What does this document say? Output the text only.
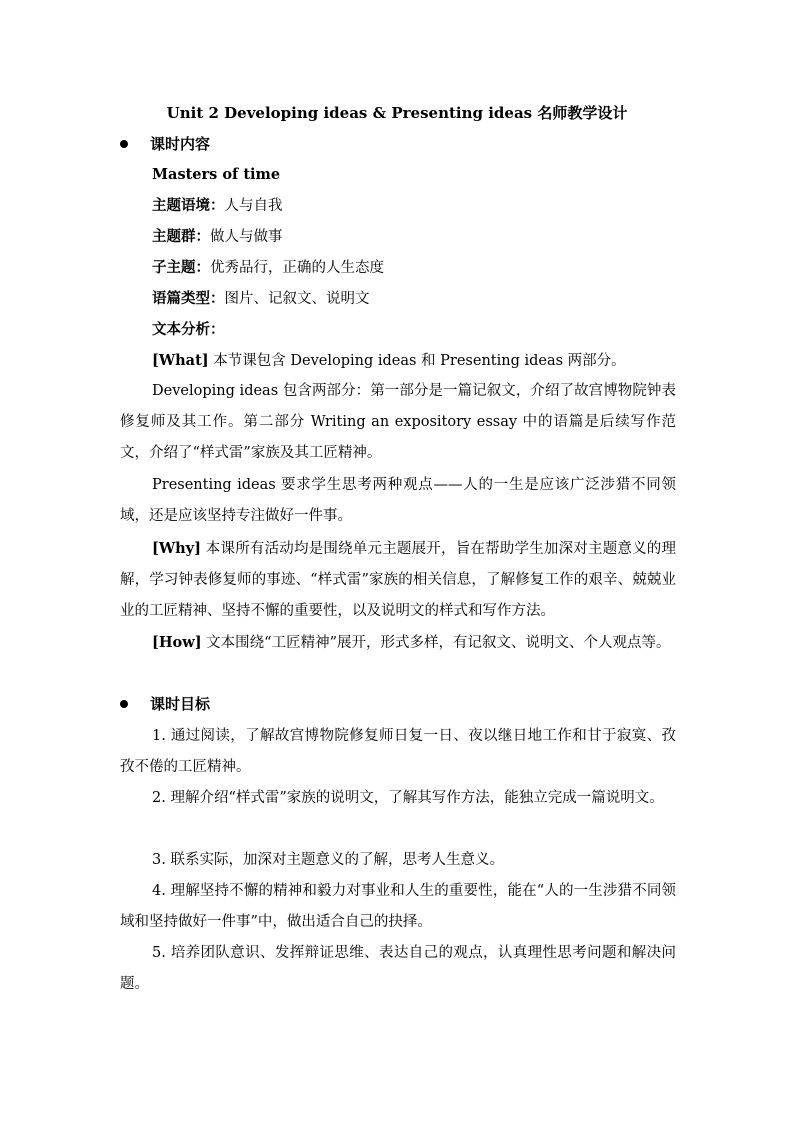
Unit 2 Developing ideas & Presenting ideas 名师教学设计
课时内容
Masters of time
主题语境：人与自我
主题群：做人与做事
子主题：优秀品行，正确的人生态度
语篇类型：图片、记叙文、说明文
文本分析：
[What] 本节课包含 Developing ideas 和 Presenting ideas 两部分。
Developing ideas 包含两部分：第一部分是一篇记叙文，介绍了故宫博物院钟表修复师及其工作。第二部分 Writing an expository essay 中的语篇是后续写作范文，介绍了“样式雷”家族及其工匠精神。
Presenting ideas 要求学生思考两种观点——人的一生是应该广泛涉猎不同领域，还是应该坚持专注做好一件事。
[Why] 本课所有活动均是围绕单元主题展开，旨在帮助学生加深对主题意义的理解，学习钟表修复师的事迹、“样式雷”家族的相关信息，了解修复工作的艰辛、兢兢业业的工匠精神、坚持不懈的重要性，以及说明文的样式和写作方法。
[How] 文本围绕“工匠精神”展开，形式多样，有记叙文、说明文、个人观点等。
课时目标
1. 通过阅读，了解故宫博物院修复师日复一日、夜以继日地工作和甘于寂寞、孜孜不倦的工匠精神。
2. 理解介绍“样式雷”家族的说明文，了解其写作方法，能独立完成一篇说明文。
3. 联系实际，加深对主题意义的了解，思考人生意义。
4. 理解坚持不懈的精神和毅力对事业和人生的重要性，能在“人的一生涉猎不同领域和坚持做好一件事”中，做出适合自己的抉择。
5. 培养团队意识、发挥辩证思维、表达自己的观点，认真理性思考问题和解决问题。
